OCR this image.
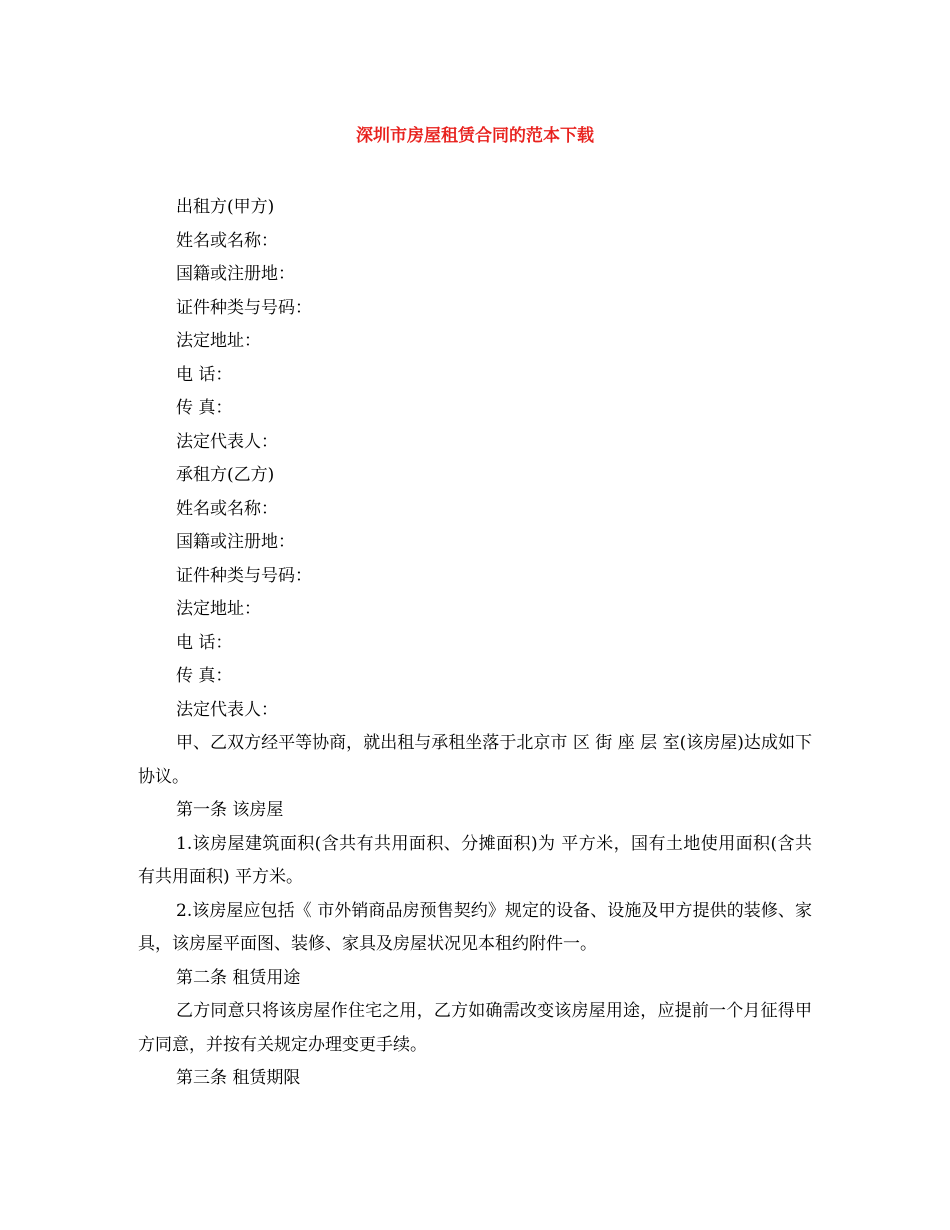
深圳市房屋租赁合同的范本下载

出租方(甲方)

姓名或名称：

国籍或注册地：

证件种类与号码：

法定地址：

电 话：

传 真：

法定代表人：

承租方(乙方)

姓名或名称：

国籍或注册地：

证件种类与号码：

法定地址：

电 话：

传 真：

法定代表人：

甲、乙双方经平等协商，就出租与承租坐落于北京市 区 街 座 层 室(该房屋)达成如下协议。

第一条 该房屋

1.该房屋建筑面积(含共有共用面积、分摊面积)为 平方米，国有土地使用面积(含共有共用面积) 平方米。

2.该房屋应包括《 市外销商品房预售契约》规定的设备、设施及甲方提供的装修、家具，该房屋平面图、装修、家具及房屋状况见本租约附件一。

第二条 租赁用途

乙方同意只将该房屋作住宅之用，乙方如确需改变该房屋用途，应提前一个月征得甲方同意，并按有关规定办理变更手续。

第三条 租赁期限
